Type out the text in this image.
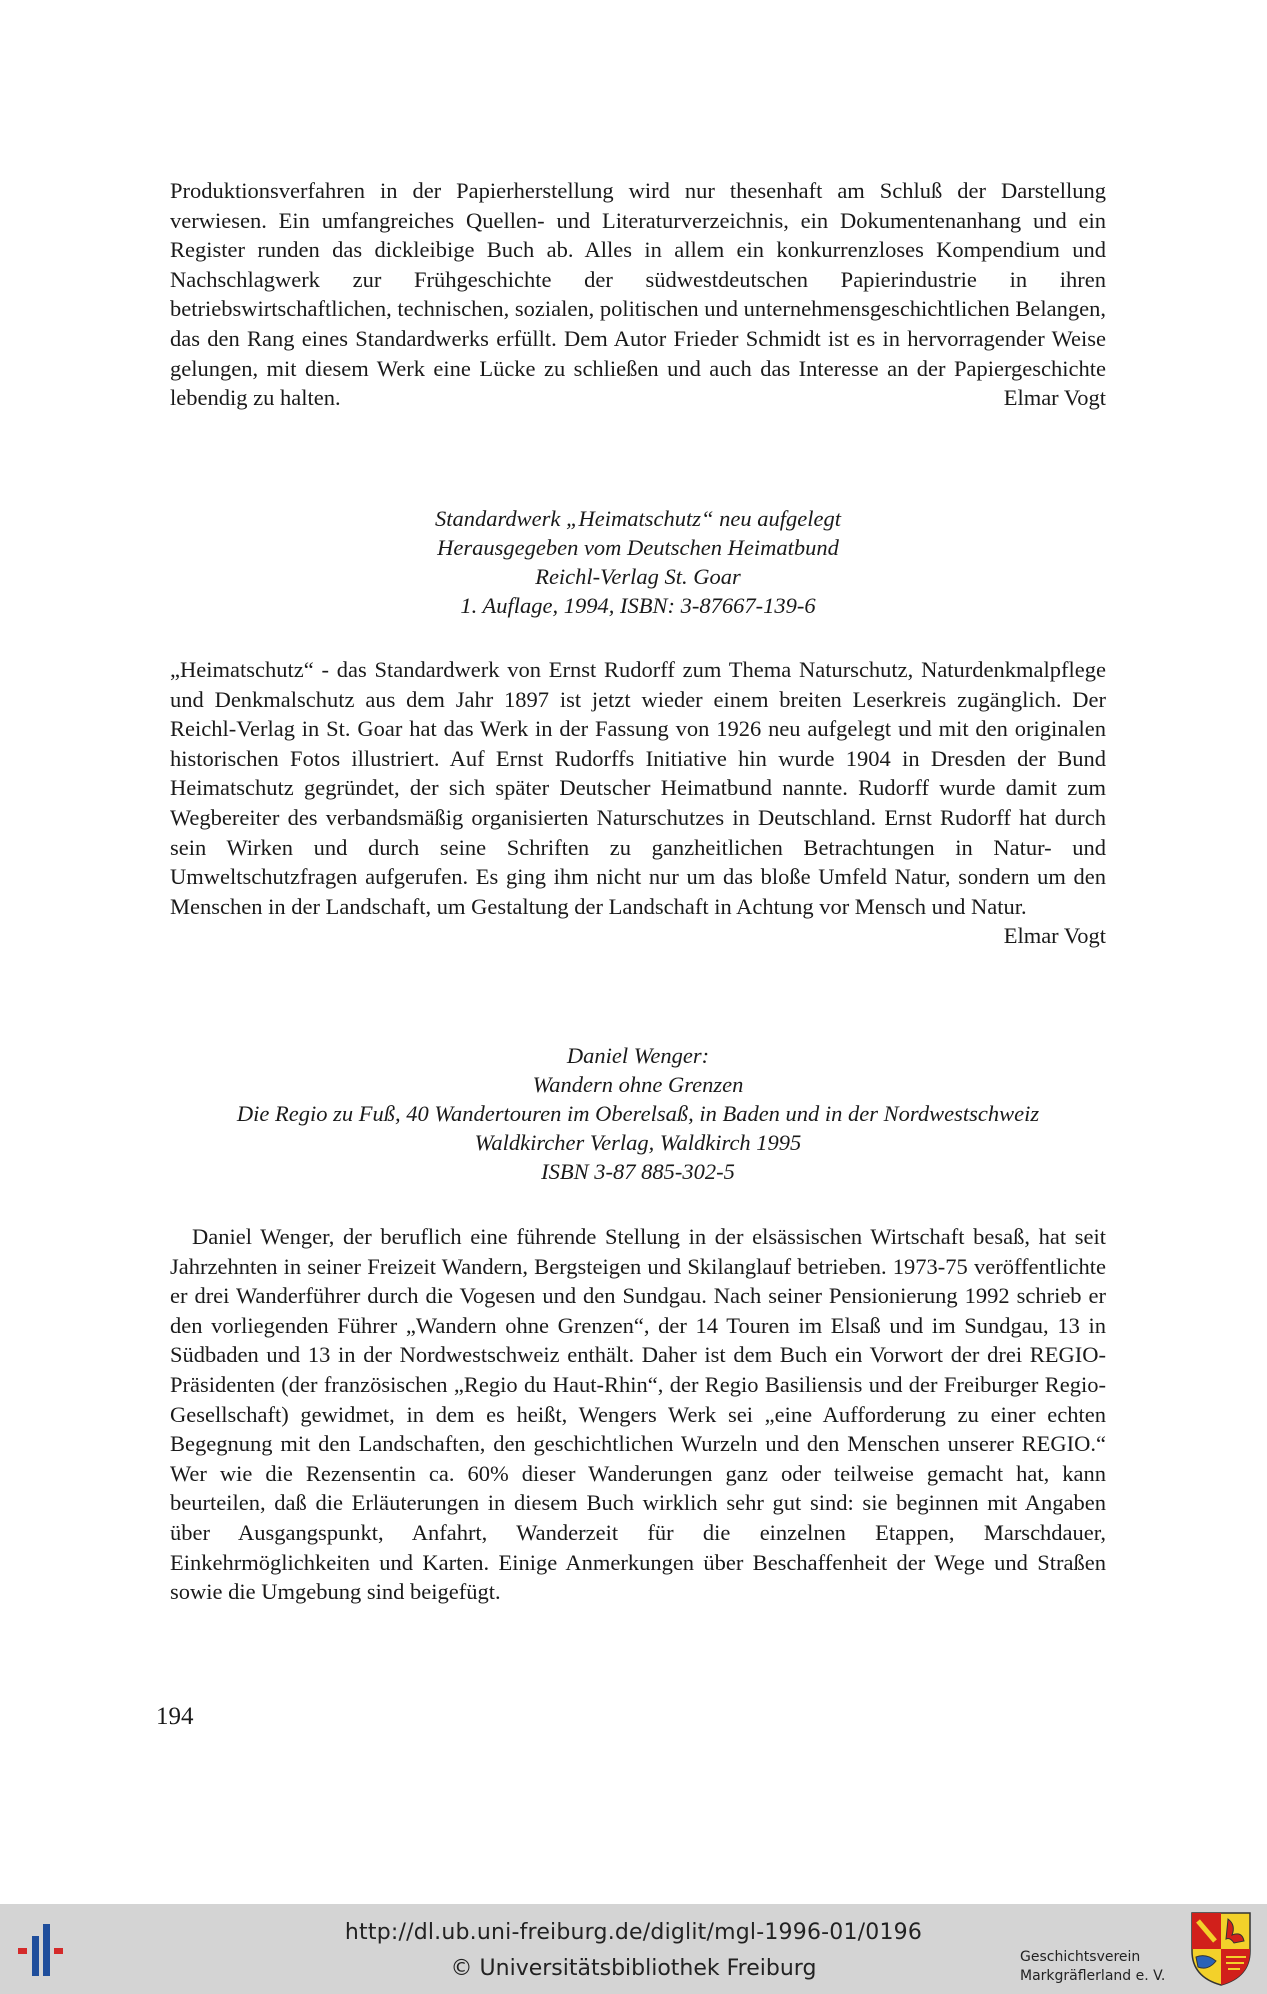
Produktionsverfahren in der Papierherstellung wird nur thesenhaft am Schluß der Darstellung verwiesen. Ein umfangreiches Quellen- und Literaturverzeichnis, ein Dokumentenanhang und ein Register runden das dickleibige Buch ab. Alles in allem ein konkurrenzloses Kompendium und Nachschlagwerk zur Frühgeschichte der südwestdeutschen Papierindustrie in ihren betriebswirtschaftlichen, technischen, sozialen, politischen und unternehmensgeschichtlichen Belangen, das den Rang eines Standardwerks erfüllt. Dem Autor Frieder Schmidt ist es in hervorragender Weise gelungen, mit diesem Werk eine Lücke zu schließen und auch das Interesse an der Papiergeschichte lebendig zu halten.	Elmar Vogt

Standardwerk „Heimatschutz“ neu aufgelegt
Herausgegeben vom Deutschen Heimatbund
Reichl-Verlag St. Goar
1. Auflage, 1994, ISBN: 3-87667-139-6

„Heimatschutz“ - das Standardwerk von Ernst Rudorff zum Thema Naturschutz, Naturdenkmalpflege und Denkmalschutz aus dem Jahr 1897 ist jetzt wieder einem breiten Leserkreis zugänglich. Der Reichl-Verlag in St. Goar hat das Werk in der Fassung von 1926 neu aufgelegt und mit den originalen historischen Fotos illustriert. Auf Ernst Rudorffs Initiative hin wurde 1904 in Dresden der Bund Heimatschutz gegründet, der sich später Deutscher Heimatbund nannte. Rudorff wurde damit zum Wegbereiter des verbandsmäßig organisierten Naturschutzes in Deutschland. Ernst Rudorff hat durch sein Wirken und durch seine Schriften zu ganzheitlichen Betrachtungen in Natur- und Umweltschutzfragen aufgerufen. Es ging ihm nicht nur um das bloße Umfeld Natur, sondern um den Menschen in der Landschaft, um Gestaltung der Landschaft in Achtung vor Mensch und Natur.
Elmar Vogt

Daniel Wenger:
Wandern ohne Grenzen
Die Regio zu Fuß, 40 Wandertouren im Oberelsaß, in Baden und in der Nordwestschweiz
Waldkircher Verlag, Waldkirch 1995
ISBN 3-87 885-302-5

Daniel Wenger, der beruflich eine führende Stellung in der elsässischen Wirtschaft besaß, hat seit Jahrzehnten in seiner Freizeit Wandern, Bergsteigen und Skilanglauf betrieben. 1973-75 veröffentlichte er drei Wanderführer durch die Vogesen und den Sundgau. Nach seiner Pensionierung 1992 schrieb er den vorliegenden Führer „Wandern ohne Grenzen“, der 14 Touren im Elsaß und im Sundgau, 13 in Südbaden und 13 in der Nordwestschweiz enthält. Daher ist dem Buch ein Vorwort der drei REGIO-Präsidenten (der französischen „Regio du Haut-Rhin“, der Regio Basiliensis und der Freiburger Regio-Gesellschaft) gewidmet, in dem es heißt, Wengers Werk sei „eine Aufforderung zu einer echten Begegnung mit den Landschaften, den geschichtlichen Wurzeln und den Menschen unserer REGIO.“ Wer wie die Rezensentin ca. 60% dieser Wanderungen ganz oder teilweise gemacht hat, kann beurteilen, daß die Erläuterungen in diesem Buch wirklich sehr gut sind: sie beginnen mit Angaben über Ausgangspunkt, Anfahrt, Wanderzeit für die einzelnen Etappen, Marschdauer, Einkehrmöglichkeiten und Karten. Einige Anmerkungen über Beschaffenheit der Wege und Straßen sowie die Umgebung sind beigefügt.

194
http://dl.ub.uni-freiburg.de/diglit/mgl-1996-01/0196
© Universitätsbibliothek Freiburg	Geschichtsverein
Markgräflerland e. V.
